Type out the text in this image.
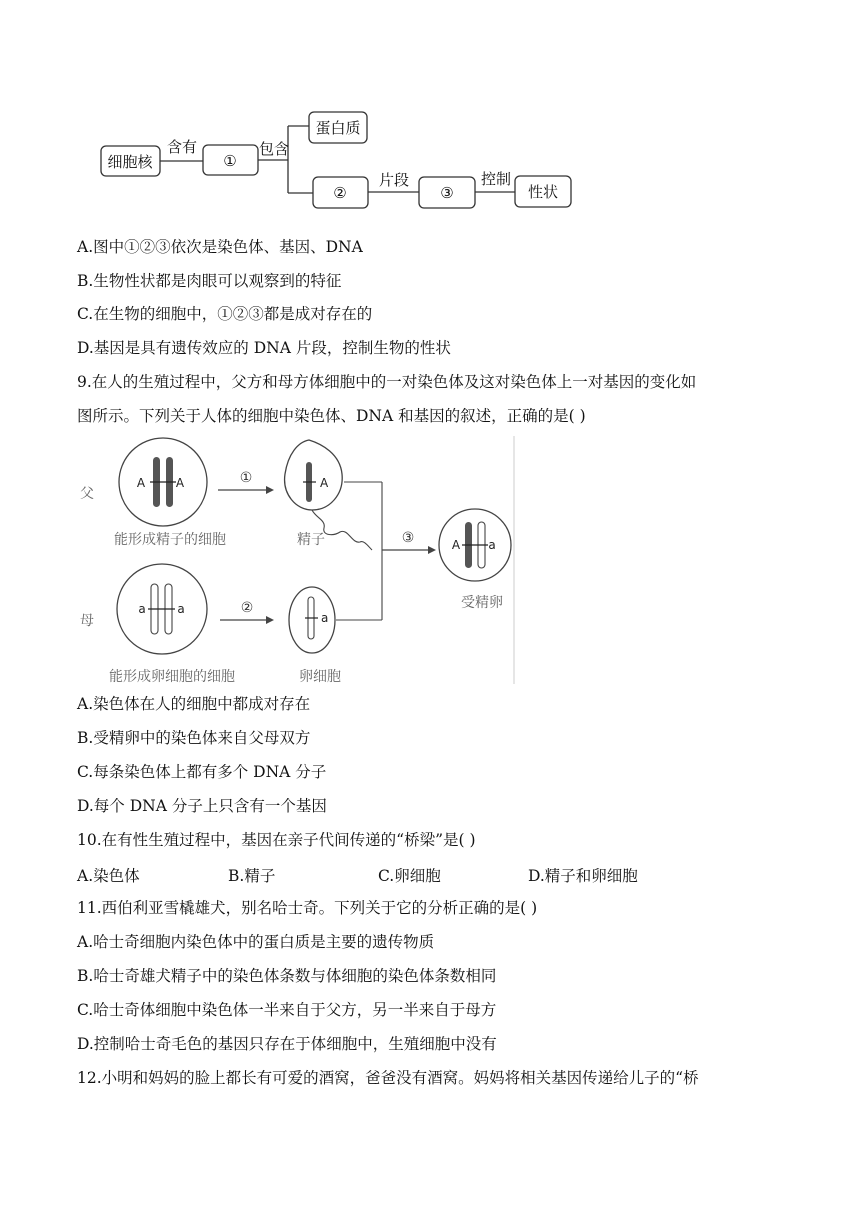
细胞核
含有
①
包含
蛋白质
②
片段
③
控制
性状
A.图中①②③依次是染色体、基因、DNA
B.生物性状都是肉眼可以观察到的特征
C.在生物的细胞中，①②③都是成对存在的
D.基因是具有遗传效应的 DNA 片段，控制生物的性状
9.在人的生殖过程中，父方和母方体细胞中的一对染色体及这对染色体上一对基因的变化如
图所示。下列关于人体的细胞中染色体、DNA 和基因的叙述，正确的是( )
父
母
A	A
能形成精子的细胞
①	A
精子
a	a
能形成卵细胞的细胞
②
a
卵细胞
③	A a
受精卵
A.染色体在人的细胞中都成对存在
B.受精卵中的染色体来自父母双方
C.每条染色体上都有多个 DNA 分子
D.每个 DNA 分子上只含有一个基因
10.在有性生殖过程中，基因在亲子代间传递的“桥梁”是( )
A.染色体	B.精子	C.卵细胞	D.精子和卵细胞
11.西伯利亚雪橇雄犬，别名哈士奇。下列关于它的分析正确的是( )
A.哈士奇细胞内染色体中的蛋白质是主要的遗传物质
B.哈士奇雄犬精子中的染色体条数与体细胞的染色体条数相同
C.哈士奇体细胞中染色体一半来自于父方，另一半来自于母方
D.控制哈士奇毛色的基因只存在于体细胞中，生殖细胞中没有
12.小明和妈妈的脸上都长有可爱的酒窝，爸爸没有酒窝。妈妈将相关基因传递给儿子的“桥
